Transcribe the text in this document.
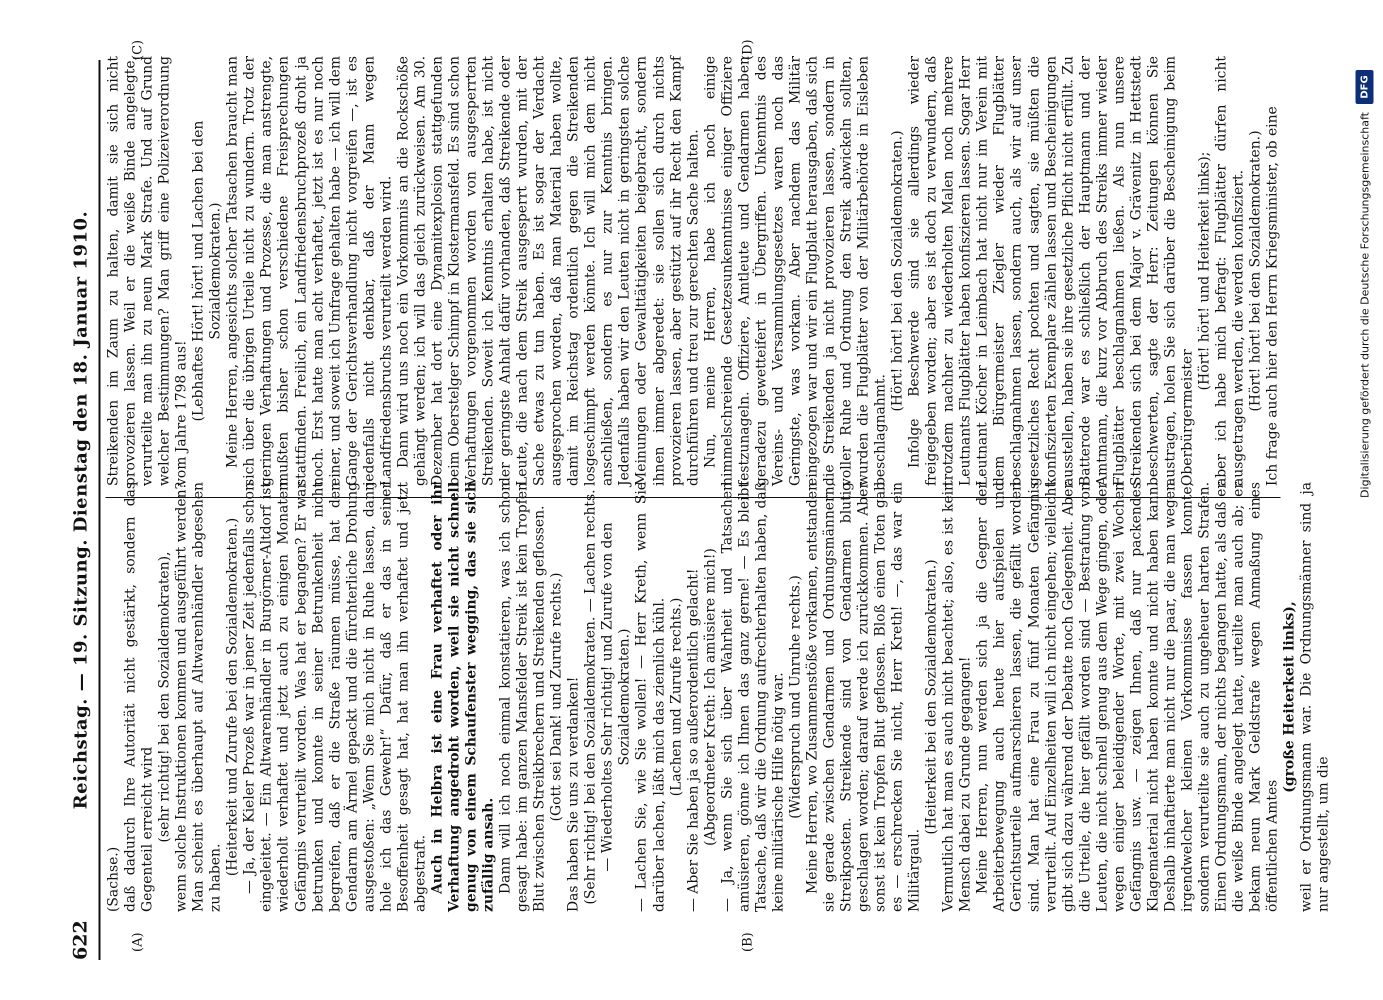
622
Reichstag. — 19. Sitzung. Dienstag den 18. Januar 1910.
(A)	(B)
(C)	(D)

(Sachse.) daß dadurch Ihre Autorität nicht gestärkt, sondern das Gegenteil erreicht wird (sehr richtig! bei den Sozialdemokraten), wenn solche Instruktionen kommen und ausgeführt werden? Man scheint es überhaupt auf Altwarenhändler abgesehen zu haben.

(Heiterkeit und Zurufe bei den Sozialdemokraten.) — Ja, der Kieler Prozeß war in jener Zeit jedenfalls schon eingeleitet. — Ein Altwarenhändler in Burgörner-Altdorf ist wiederholt verhaftet und jetzt auch zu einigen Monaten Gefängnis verurteilt worden. Was hat er begangen? Er war betrunken und konnte in seiner Betrunkenheit nicht begreifen, daß er die Straße räumen müsse, hat den Gendarm am Ärmel gepackt und die fürchterliche Drohung ausgestoßen: „Wenn Sie mich nicht in Ruhe lassen, dann hole ich das Gewehr!“ Dafür, daß er das in seiner Besoffenheit gesagt hat, hat man ihn verhaftet und jetzt abgestraft. Auch in Helbra ist eine Frau verhaftet oder ihr Verhaftung angedroht worden, weil sie nicht schnell genug von einem Schaufenster wegging, das sie sich zufällig ansah. Dann will ich noch einmal konstatieren, was ich schon gesagt habe: im ganzen Mansfelder Streik ist kein Tropfen Blut zwischen Streikbrechern und Streikenden geflossen. (Gott sei Dank! und Zurufe rechts.) Das haben Sie uns zu verdanken! (Sehr richtig! bei den Sozialdemokraten. — Lachen rechts. — Wiederholtes Sehr richtig! und Zurufe von den Sozialdemokraten.) — Lachen Sie, wie Sie wollen! — Herr Kreth, wenn Sie darüber lachen, läßt mich das ziemlich kühl. (Lachen und Zurufe rechts.) — Aber Sie haben ja so außerordentlich gelacht! (Abgeordneter Kreth: Ich amüsiere mich!) — Ja, wenn Sie sich über Wahrheit und Tatsachen amüsieren, gönne ich Ihnen das ganz gerne! — Es bleibt Tatsache, daß wir die Ordnung aufrechterhalten haben, daß keine militärische Hilfe nötig war. (Widerspruch und Unruhe rechts.) Meine Herren, wo Zusammenstöße vorkamen, entstanden sie gerade zwischen Gendarmen und Ordnungsmännern, Streikposten. Streikende sind von Gendarmen blutig geschlagen worden; darauf werde ich zurückkommen. Aber sonst ist kein Tropfen Blut geflossen. Bloß einen Toten gab es — erschrecken Sie nicht, Herr Kreth! —, das war ein Militärgaul.

(Heiterkeit bei den Sozialdemokraten.) Vermutlich hat man es auch nicht beachtet; also, es ist kein Mensch dabei zu Grunde gegangen! Meine Herren, nun werden sich ja die Gegner der Arbeiterbewegung auch heute hier aufspielen und Gerichtsurteile aufmarschieren lassen, die gefällt worden sind. Man hat eine Frau zu fünf Monaten Gefängnis verurteilt. Auf Einzelheiten will ich nicht eingehen; vielleicht gibt sich dazu während der Debatte noch Gelegenheit. Aber die Urteile, die hier gefällt worden sind — Bestrafung von Leuten, die nicht schnell genug aus dem Wege gingen, oder wegen einiger beleidigender Worte, mit zwei Wochen Gefängnis usw. — zeigen Ihnen, daß nur packendes Klagematerial nicht haben konnte und nicht haben kann. Deshalb inhaftierte man nicht nur die paar, die man wegen irgendwelcher kleinen Vorkommnisse fassen konnte, sondern verurteilte sie auch zu ungeheuer harten Strafen. Einen Ordnungsmann, der nichts begangen hatte, als daß er die weiße Binde angelegt hatte, urteilte man auch ab; er bekam neun Mark Geldstrafe wegen Anmaßung eines öffentlichen Amtes

(große Heiterkeit links), weil er Ordnungsmann war. Die Ordnungsmänner sind ja nur angestellt, um die

Streikenden im Zaum zu halten, damit sie sich nicht provozieren lassen. Weil er die weiße Binde angelegte, verurteilte man ihn zu neun Mark Strafe. Und auf Grund welcher Bestimmungen? Man griff eine Polizeiverordnung vom Jahre 1798 aus! (Lebhaftes Hört! hört! und Lachen bei den Sozialdemokraten.) Meine Herren, angesichts solcher Tatsachen braucht man sich über die übrigen Urteile nicht zu wundern. Trotz der geringen Verhaftungen und Prozesse, die man anstrengte, mußten bisher schon verschiedene Freisprechungen stattfinden. Freilich, ein Landfriedensbruchprozeß droht ja noch. Erst hatte man acht verhaftet, jetzt ist es nur noch einer, und soweit ich Umfrage gehalten habe — ich will dem Gange der Gerichtsverhandlung nicht vorgreifen —, ist es jedenfalls nicht denkbar, daß der Mann wegen Landfriedensbruchs verurteilt werden wird. Dann wird uns noch ein Vorkommnis an die Rockschöße gehängt werden; ich will das gleich zurückweisen. Am 30. Dezember hat dort eine Dynamitexplosion stattgefunden beim Oberstelger Schimpf in Klostermansfeld. Es sind schon Verhaftungen vorgenommen worden von ausgesperrten Streikenden. Soweit ich Kenntnis erhalten habe, ist nicht der geringste Anhalt dafür vorhanden, daß Streikende oder Leute, die nach dem Streik ausgesperrt wurden, mit der Sache etwas zu tun haben. Es ist sogar der Verdacht ausgesprochen worden, daß man Material haben wollte, damit im Reichstag ordentlich gegen die Streikenden losgeschimpft werden könnte. Ich will mich dem nicht anschließen, sondern es nur zur Kenntnis bringen. Jedenfalls haben wir den Leuten nicht in geringsten solche Meinungen oder Gewalttätigkeiten beigebracht, sondern ihnen immer abgeredet: sie sollen sich durch nichts provozieren lassen, aber gestützt auf ihr Recht den Kampf durchführen und treu zur gerechten Sache halten. Nun, meine Herren, habe ich noch einige himmelschreiende Gesetzesunkenntnisse einiger Offiziere festzunageln. Offiziere, Amtleute und Gendarmen haben geradezu gewetteifert in Übergriffen. Unkenntnis des Vereins- und Versammlungsgesetzes waren noch das Geringste, was vorkam. Aber nachdem das Militär eingezogen war und wir ein Flugblatt herausgaben, daß sich die Streikenden ja nicht provozieren lassen, sondern in voller Ruhe und Ordnung den Streik abwickeln sollten, wurden die Flugblätter von der Militärbehörde in Eisleben beschlagnahmt.

(Hört! hört! bei den Sozialdemokraten.) Infolge Beschwerde sind sie allerdings wieder freigegeben worden; aber es ist doch zu verwundern, daß trotzdem nachher zu wiederholten Malen noch mehrere Leutnants Flugblätter haben konfiszieren lassen. Sogar Herr Leutnant Köcher in Leimbach hat nicht nur im Verein mit dem Bürgermeister Ziegler wieder Flugblätter beschlagnahmen lassen, sondern auch, als wir auf unser gesetzliches Recht pochten und sagten, sie müßten die konfiszierten Exemplare zählen lassen und Bescheinigungen ausstellen, haben sie ihre gesetzliche Pflicht nicht erfüllt. Zu Batterode war es schließlich der Hauptmann und der Amtmann, die kurz vor Abbruch des Streiks immer wieder Flugblätter beschlagnahmen ließen. Als nun unsere Streikenden sich bei dem Major v. Grävenitz in Hettstedt beschwerten, sagte der Herr: Zeitungen können Sie austragen, holen Sie sich darüber die Bescheinigung beim Oberbürgermeister

(Hört! hört! und Heiterkeit links); aber ich habe mich befragt: Flugblätter dürfen nicht ausgetragen werden, die werden konfisziert. (Hört! hört! bei den Sozialdemokraten.) Ich frage auch hier den Herrn Kriegsminister, ob eine	Digitalisierung gefördert durch die Deutsche Forschungsgemeinschaft
DFG
